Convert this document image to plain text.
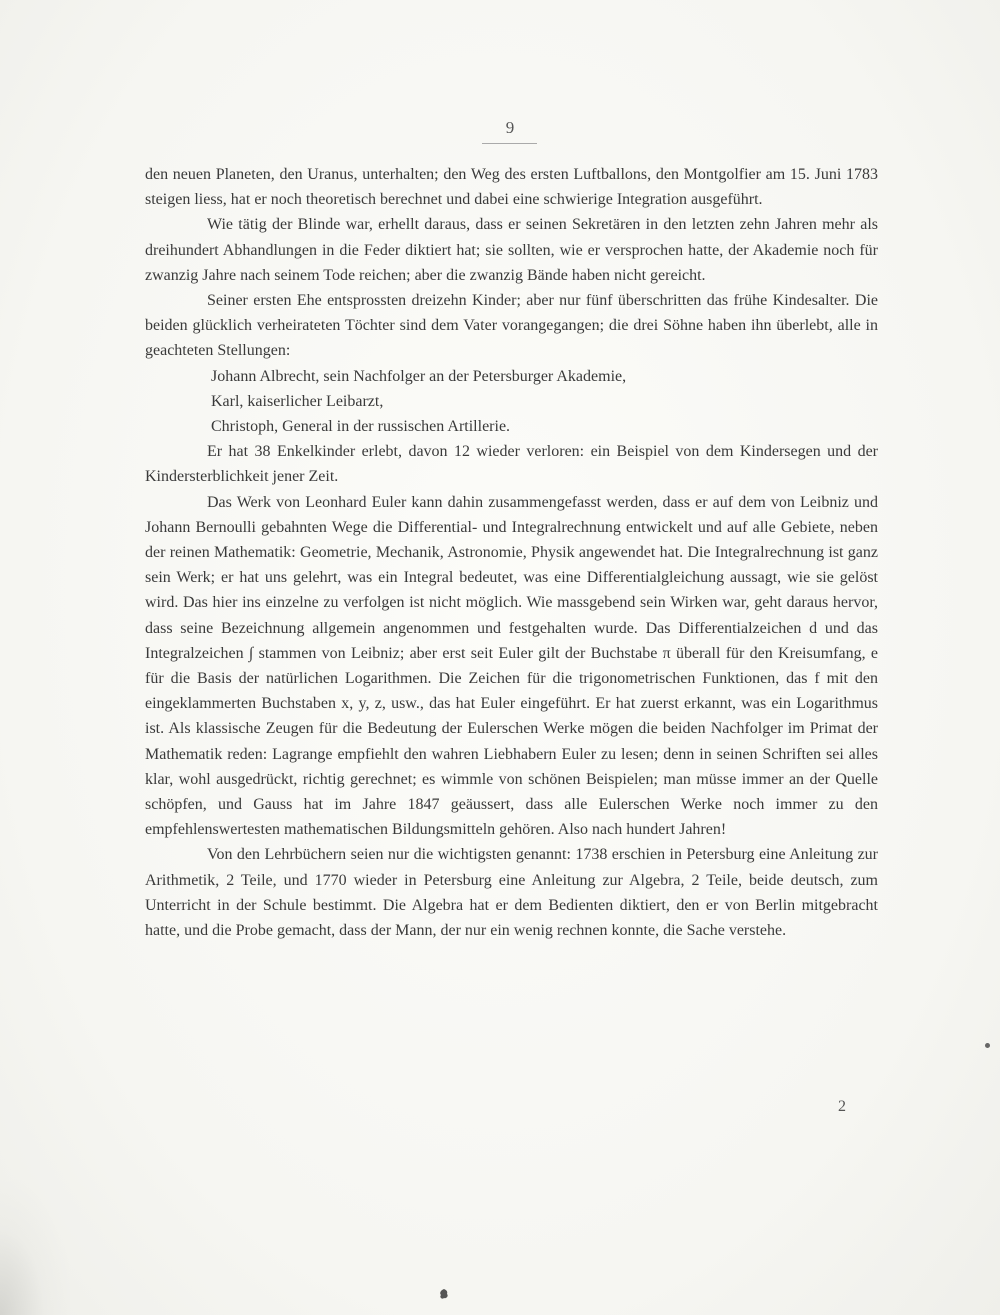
9

den neuen Planeten, den Uranus, unterhalten; den Weg des ersten Luftballons, den Montgolfier am 15. Juni 1783 steigen liess, hat er noch theoretisch berechnet und dabei eine schwierige Integration ausgeführt.

Wie tätig der Blinde war, erhellt daraus, dass er seinen Sekretären in den letzten zehn Jahren mehr als dreihundert Abhandlungen in die Feder diktiert hat; sie sollten, wie er versprochen hatte, der Akademie noch für zwanzig Jahre nach seinem Tode reichen; aber die zwanzig Bände haben nicht gereicht.

Seiner ersten Ehe entsprossten dreizehn Kinder; aber nur fünf überschritten das frühe Kindesalter. Die beiden glücklich verheirateten Töchter sind dem Vater vorangegangen; die drei Söhne haben ihn überlebt, alle in geachteten Stellungen:

Johann Albrecht, sein Nachfolger an der Petersburger Akademie,

Karl, kaiserlicher Leibarzt,

Christoph, General in der russischen Artillerie.

Er hat 38 Enkelkinder erlebt, davon 12 wieder verloren: ein Beispiel von dem Kindersegen und der Kindersterblichkeit jener Zeit.

Das Werk von Leonhard Euler kann dahin zusammengefasst werden, dass er auf dem von Leibniz und Johann Bernoulli gebahnten Wege die Differential- und Integralrechnung entwickelt und auf alle Gebiete, neben der reinen Mathematik: Geometrie, Mechanik, Astronomie, Physik angewendet hat. Die Integralrechnung ist ganz sein Werk; er hat uns gelehrt, was ein Integral bedeutet, was eine Differentialgleichung aussagt, wie sie gelöst wird. Das hier ins einzelne zu verfolgen ist nicht möglich. Wie massgebend sein Wirken war, geht daraus hervor, dass seine Bezeichnung allgemein angenommen und festgehalten wurde. Das Differentialzeichen d und das Integralzeichen ∫ stammen von Leibniz; aber erst seit Euler gilt der Buchstabe π überall für den Kreisumfang, e für die Basis der natürlichen Logarithmen. Die Zeichen für die trigonometrischen Funktionen, das f mit den eingeklammerten Buchstaben x, y, z, usw., das hat Euler eingeführt. Er hat zuerst erkannt, was ein Logarithmus ist. Als klassische Zeugen für die Bedeutung der Eulerschen Werke mögen die beiden Nachfolger im Primat der Mathematik reden: Lagrange empfiehlt den wahren Liebhabern Euler zu lesen; denn in seinen Schriften sei alles klar, wohl ausgedrückt, richtig gerechnet; es wimmle von schönen Beispielen; man müsse immer an der Quelle schöpfen, und Gauss hat im Jahre 1847 geäussert, dass alle Eulerschen Werke noch immer zu den empfehlenswertesten mathematischen Bildungsmitteln gehören. Also nach hundert Jahren!

Von den Lehrbüchern seien nur die wichtigsten genannt: 1738 erschien in Petersburg eine Anleitung zur Arithmetik, 2 Teile, und 1770 wieder in Petersburg eine Anleitung zur Algebra, 2 Teile, beide deutsch, zum Unterricht in der Schule bestimmt. Die Algebra hat er dem Bedienten diktiert, den er von Berlin mitgebracht hatte, und die Probe gemacht, dass der Mann, der nur ein wenig rechnen konnte, die Sache verstehe.

2
